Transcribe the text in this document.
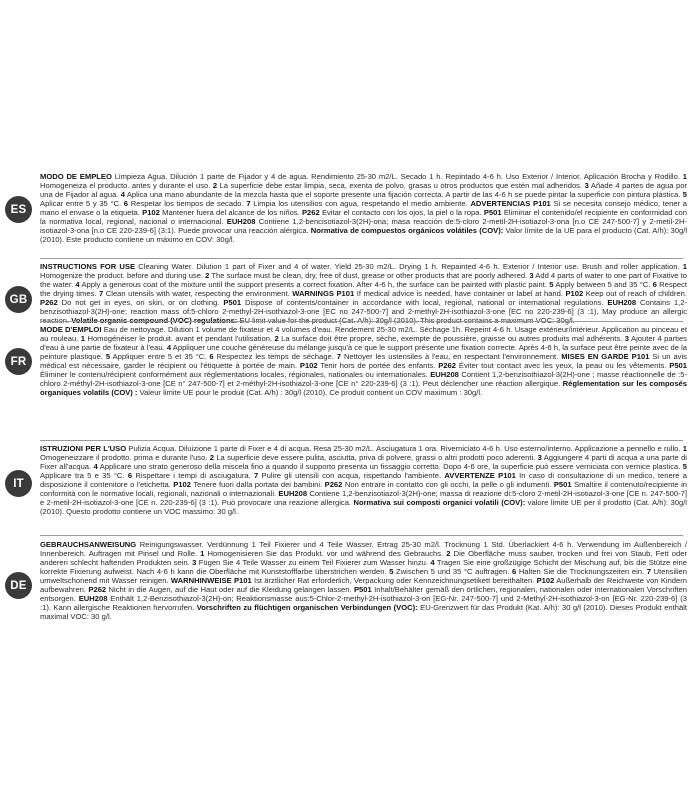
ES
MODO DE EMPLEO Limpieza Agua. Dilución 1 parte de Fijador y 4 de agua. Rendimiento 25-30 m2/L. Secado 1 h. Repintado 4-6 h. Uso Exterior / Interior. Aplicación Brocha y Rodillo. 1 Homogeneiza el producto. antes y durante el uso. 2 La superficie debe estar limpia, seca, exenta de polvo, grasas u otros productos que estén mal adheridos. 3 Añade 4 partes de agua por una de Fijador al agua. 4 Aplica una mano abundante de la mezcla hasta que el soporte presente una fijación correcta. A partir de las 4-6 h se puede pintar la superficie con pintura plástica. 5 Aplicar entre 5 y 35 °C. 6 Respetar los tiempos de secado. 7 Limpia los utensilios con agua, respetando el medio ambiente. ADVERTENCIAS P101 Si se necesita consejo médico, tener a mano el envase o la etiqueta. P102 Mantener fuera del alcance de los niños. P262 Evitar el contacto con los ojos, la piel o la ropa. P501 Eliminar el contenido/el recipiente en conformidad con la normativa local, regional, nacional o internacional. EUH208 Contiene 1,2-bencisotiazol-3(2H)-ona; masa reacción de:5-cloro 2-metil-2H-isotiazol-3-ona [n.o CE 247-500-7] y 2-metil-2H-isotiazol-3-ona [n.o CE 220-239-6] (3:1). Puede provocar una reacción alérgica. Normativa de compuestos orgánicos volátiles (COV): Valor límite de la UE para el producto (Cat. A/h): 30g/l (2010). Este producto contiene un máximo en COV: 30g/l.
GB
INSTRUCTIONS FOR USE Cleaning Water. Dilution 1 part of Fixer and 4 of water. Yield 25-30 m2/L. Drying 1 h. Repainted 4-6 h. Exterior / Interior use. Brush and roller application. 1 Homogenize the product. before and during use. 2 The surface must be clean, dry, free of dust, grease or other products that are poorly adhered. 3 Add 4 parts of water to one part of Fixative to the water. 4 Apply a generous coat of the mixture until the support presents a correct fixation. After 4-6 h, the surface can be painted with plastic paint. 5 Apply between 5 and 35 °C. 6 Respect the drying times. 7 Clean utensils with water, respecting the environment. WARNINGS P101 If medical advice is needed, have container or label at hand. P102 Keep out of reach of children. P262 Do not get in eyes, on skin, or on clothing. P501 Dispose of contents/container in accordance with local, regional, national or international regulations. EUH208 Contains 1,2-benzisothiazol-3(2H)-one; reaction mass of:5-chloro 2-methyl-2H-isothiazol-3-one [EC no 247-500-7] and 2-methyl-2H-isothiazol-3-one [EC no 220-239-6] (3 :1), May produce an allergic reaction. Volatile organic compound (VOC) regulations: EU limit value for the product (Cat. A/h): 30g/l (2010). This product contains a maximum VOC: 30g/l.
FR
MODE D'EMPLOI Eau de nettoyage. Dilution 1 volume de fixateur et 4 volumes d'eau. Rendement 25-30 m2/L. Séchage 1h. Repeint 4-6 h. Usage extérieur/intérieur. Application au pinceau et au rouleau. 1 Homogénéiser le produit. avant et pendant l'utilisation. 2 La surface doit être propre, sèche, exempte de poussière, graisse ou autres produits mal adhérents. 3 Ajouter 4 parties d'eau à une partie de fixateur à l'eau. 4 Appliquer une couche généreuse du mélange jusqu'à ce que le support présente une fixation correcte. Après 4-6 h, la surface peut être peinte avec de la peinture plastique. 5 Appliquer entre 5 et 35 °C. 6 Respectez les temps de séchage. 7 Nettoyer les ustensiles à l'eau, en respectant l'environnement. MISES EN GARDE P101 Si un avis médical est nécessaire, garder le récipient ou l'étiquette à portée de main. P102 Tenir hors de portée des enfants. P262 Éviter tout contact avec les yeux, la peau ou les vêtements. P501 Éliminer le contenu/récipient conformément aux réglementations locales, régionales, nationales ou internationales. EUH208 Contient 1,2-benzisothiazol-3(2H)-one ; masse réactionnelle de :5-chloro 2-méthyl-2H-isothiazol-3-one [CE n° 247-500-7] et 2-méthyl-2H-isothiazol-3-one [CE n° 220-239-6] (3 :1). Peut déclencher une réaction allergique. Réglementation sur les composés organiques volatils (COV) : Valeur limite UE pour le produit (Cat. A/h) : 30g/l (2010). Ce produit contient un COV maximum : 30g/l.
IT
ISTRUZIONI PER L'USO Pulizia Acqua. Diluizione 1 parte di Fixer e 4 di acqua. Resa 25-30 m2/L. Asciugatura 1 ora. Riverniciato 4-6 h. Uso esterno/interno. Applicazione a pennello e rullo. 1 Omogeneizzare il prodotto. prima e durante l'uso. 2 La superficie deve essere pulita, asciutta, priva di polvere, grassi o altri prodotti poco aderenti. 3 Aggiungere 4 parti di acqua a una parte di Fixer all'acqua. 4 Applicare uno strato generoso della miscela fino a quando il supporto presenta un fissaggio corretto. Dopo 4-6 ore, la superficie può essere verniciata con vernice plastica. 5 Applicare tra 5 e 35 °C. 6 Rispettare i tempi di asciugatura. 7 Pulire gli utensili con acqua, rispettando l'ambiente. AVVERTENZE P101 In caso di consultazione di un medico, tenere a disposizione il contenitore o l'etichetta. P102 Tenere fuori dalla portata dei bambini. P262 Non entrare in contatto con gli occhi, la pelle o gli indumenti. P501 Smaltire il contenuto/recipiente in conformità con le normative locali, regionali, nazionali o internazionali. EUH208 Contiene 1,2-benzisotiazol-3(2H)-one; massa di reazione di:5-cloro 2-metil-2H-isotiazol-3-one [CE n. 247-500-7] e 2-metil-2H-isotiazol-3-one [CE n. 220-239-6] (3 :1). Può provocare una reazione allergica. Normativa sui composti organici volatili (COV): valore limite UE per il prodotto (Cat. A/h): 30g/l (2010). Questo prodotto contiene un VOC massimo: 30 g/l.
DE
GEBRAUCHSANWEISUNG Reinigungswasser. Verdünnung 1 Teil Fixierer und 4 Teile Wasser. Ertrag 25-30 m2/l. Trocknung 1 Std. Überlackiert 4-6 h. Verwendung im Außenbereich / Innenbereich. Auftragen mit Pinsel und Rolle. 1 Homogenisieren Sie das Produkt. vor und während des Gebrauchs. 2 Die Oberfläche muss sauber, trocken und frei von Staub, Fett oder anderen schlecht haftenden Produkten sein. 3 Fügen Sie 4 Teile Wasser zu einem Teil Fixierer zum Wasser hinzu. 4 Tragen Sie eine großzügige Schicht der Mischung auf, bis die Stütze eine korrekte Fixierung aufweist. Nach 4-6 h kann die Oberfläche mit Kunststofffarbe überstrichen werden. 5 Zwischen 5 und 35 °C auftragen. 6 Halten Sie die Trocknungszeiten ein. 7 Utensilien umweltschonend mit Wasser reinigen. WARNHINWEISE P101 Ist ärztlicher Rat erforderlich, Verpackung oder Kennzeichnungsetikett bereithalten. P102 Außerhalb der Reichweite von Kindern aufbewahren. P262 Nicht in die Augen, auf die Haut oder auf die Kleidung gelangen lassen. P501 Inhalt/Behälter gemäß den örtlichen, regionalen, nationalen oder internationalen Vorschriften entsorgen. EUH208 Enthält 1,2-Benzisothiazol-3(2H)-on; Reaktionsmasse aus:5-Chlor-2-methyl-2H-isothiazol-3-on [EG-Nr. 247-500-7] und 2-Methyl-2H-isothiazol-3-on [EG-Nr. 220-239-6] (3 :1). Kann allergische Reaktionen hervorrufen. Vorschriften zu flüchtigen organischen Verbindungen (VOC): EU-Grenzwert für das Produkt (Kat. A/h): 30 g/l (2010). Dieses Produkt enthält maximal VOC: 30 g/l.
